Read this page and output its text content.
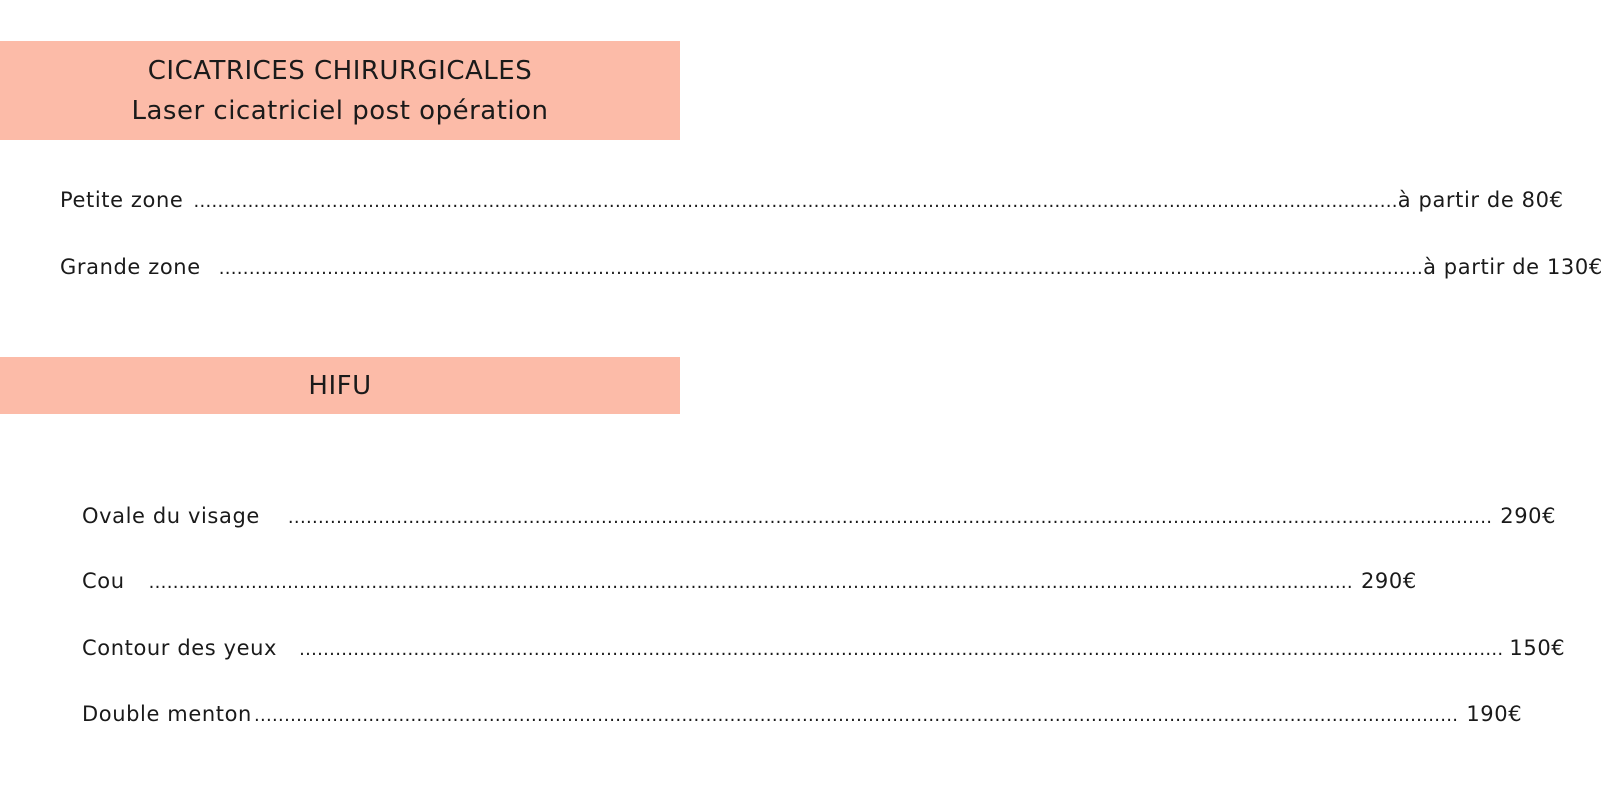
CICATRICES CHIRURGICALES
Laser cicatriciel post opération
Petite zone ........................................................................................................................................................................................................ à partir de 80€
Grande zone ........................................................................................................................................................................................................ à partir de 130€
HIFU
Ovale du visage ........................................................................................................................................................................................................ 290€
Cou ........................................................................................................................................................................................................ 290€
Contour des yeux ........................................................................................................................................................................................................ 150€
Double menton ........................................................................................................................................................................................................ 190€
